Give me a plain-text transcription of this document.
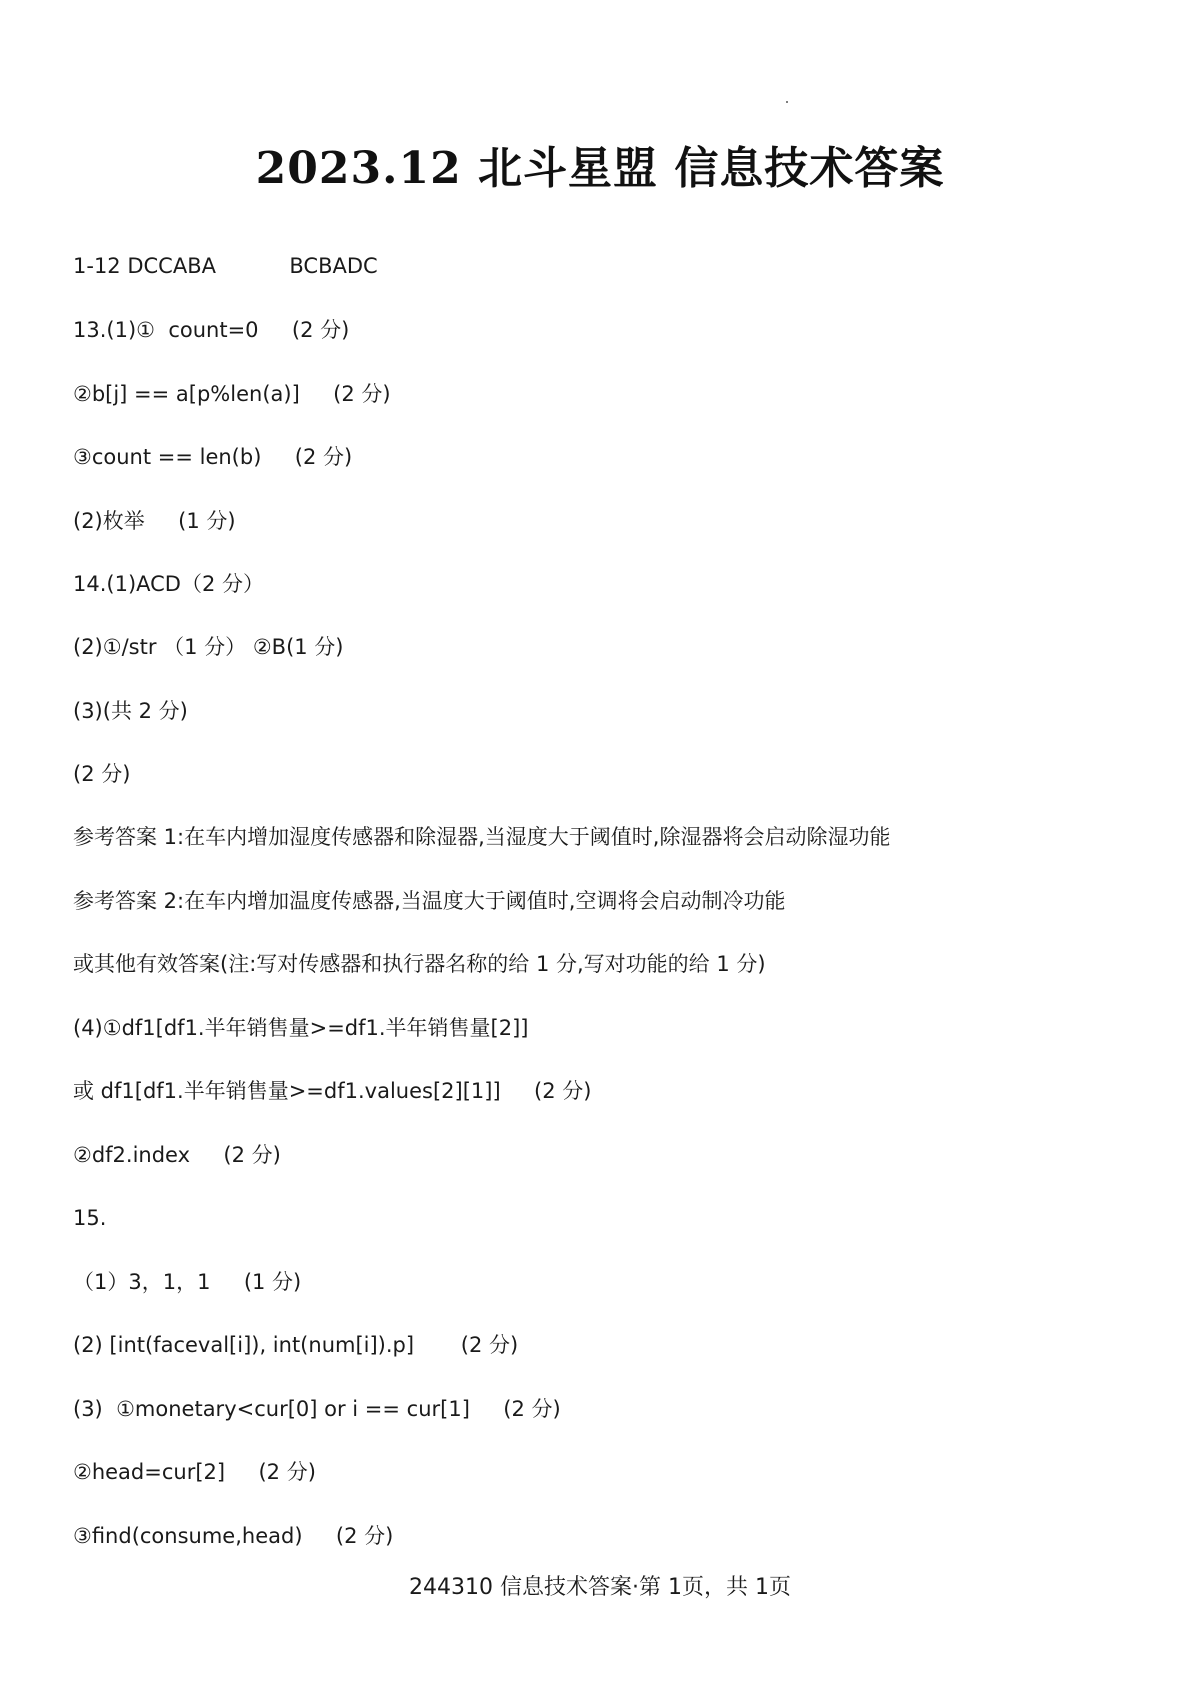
2023.12 北斗星盟 信息技术答案
1-12 DCCABA           BCBADC
13.(1)①  count=0     (2 分)
②b[j] == a[p%len(a)]     (2 分)
③count == len(b)     (2 分)
(2)枚举     (1 分)
14.(1)ACD（2 分）
(2)①/str （1 分） ②B(1 分)
(3)(共 2 分)
(2 分)
参考答案 1:在车内增加湿度传感器和除湿器,当湿度大于阈值时,除湿器将会启动除湿功能
参考答案 2:在车内增加温度传感器,当温度大于阈值时,空调将会启动制冷功能
或其他有效答案(注:写对传感器和执行器名称的给 1 分,写对功能的给 1 分)
(4)①df1[df1.半年销售量>=df1.半年销售量[2]]
或 df1[df1.半年销售量>=df1.values[2][1]]     (2 分)
②df2.index     (2 分)
15.
（1）3，1，1     (1 分)
(2) [int(faceval[i]), int(num[i]).p]       (2 分)
(3)  ①monetary<cur[0] or i == cur[1]     (2 分)
②head=cur[2]     (2 分)
③find(consume,head)     (2 分)
244310 信息技术答案·第 1页，共 1页
